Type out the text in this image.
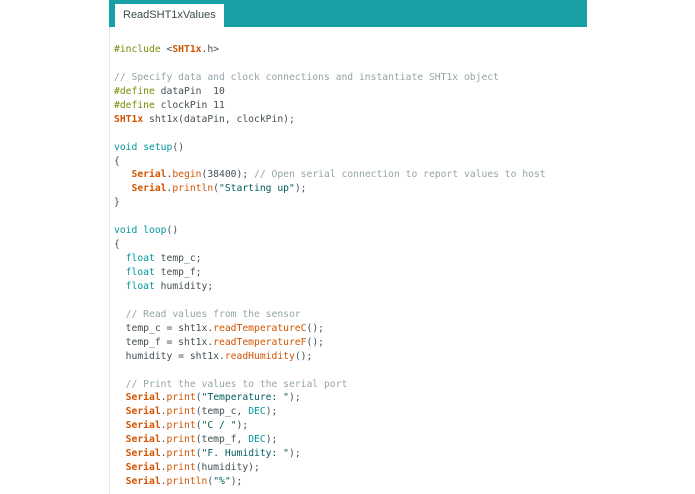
ReadSHT1xValues
#include <SHT1x.h>

// Specify data and clock connections and instantiate SHT1x object
#define dataPin  10
#define clockPin 11
SHT1x sht1x(dataPin, clockPin);

void setup()
{
Serial.begin(38400); // Open serial connection to report values to host
Serial.println("Starting up");
}

void loop()
{
float temp_c;
float temp_f;
float humidity;

// Read values from the sensor
temp_c = sht1x.readTemperatureC();
temp_f = sht1x.readTemperatureF();
humidity = sht1x.readHumidity();

// Print the values to the serial port
Serial.print("Temperature: ");
Serial.print(temp_c, DEC);
Serial.print("C / ");
Serial.print(temp_f, DEC);
Serial.print("F. Humidity: ");
Serial.print(humidity);
Serial.println("%");
